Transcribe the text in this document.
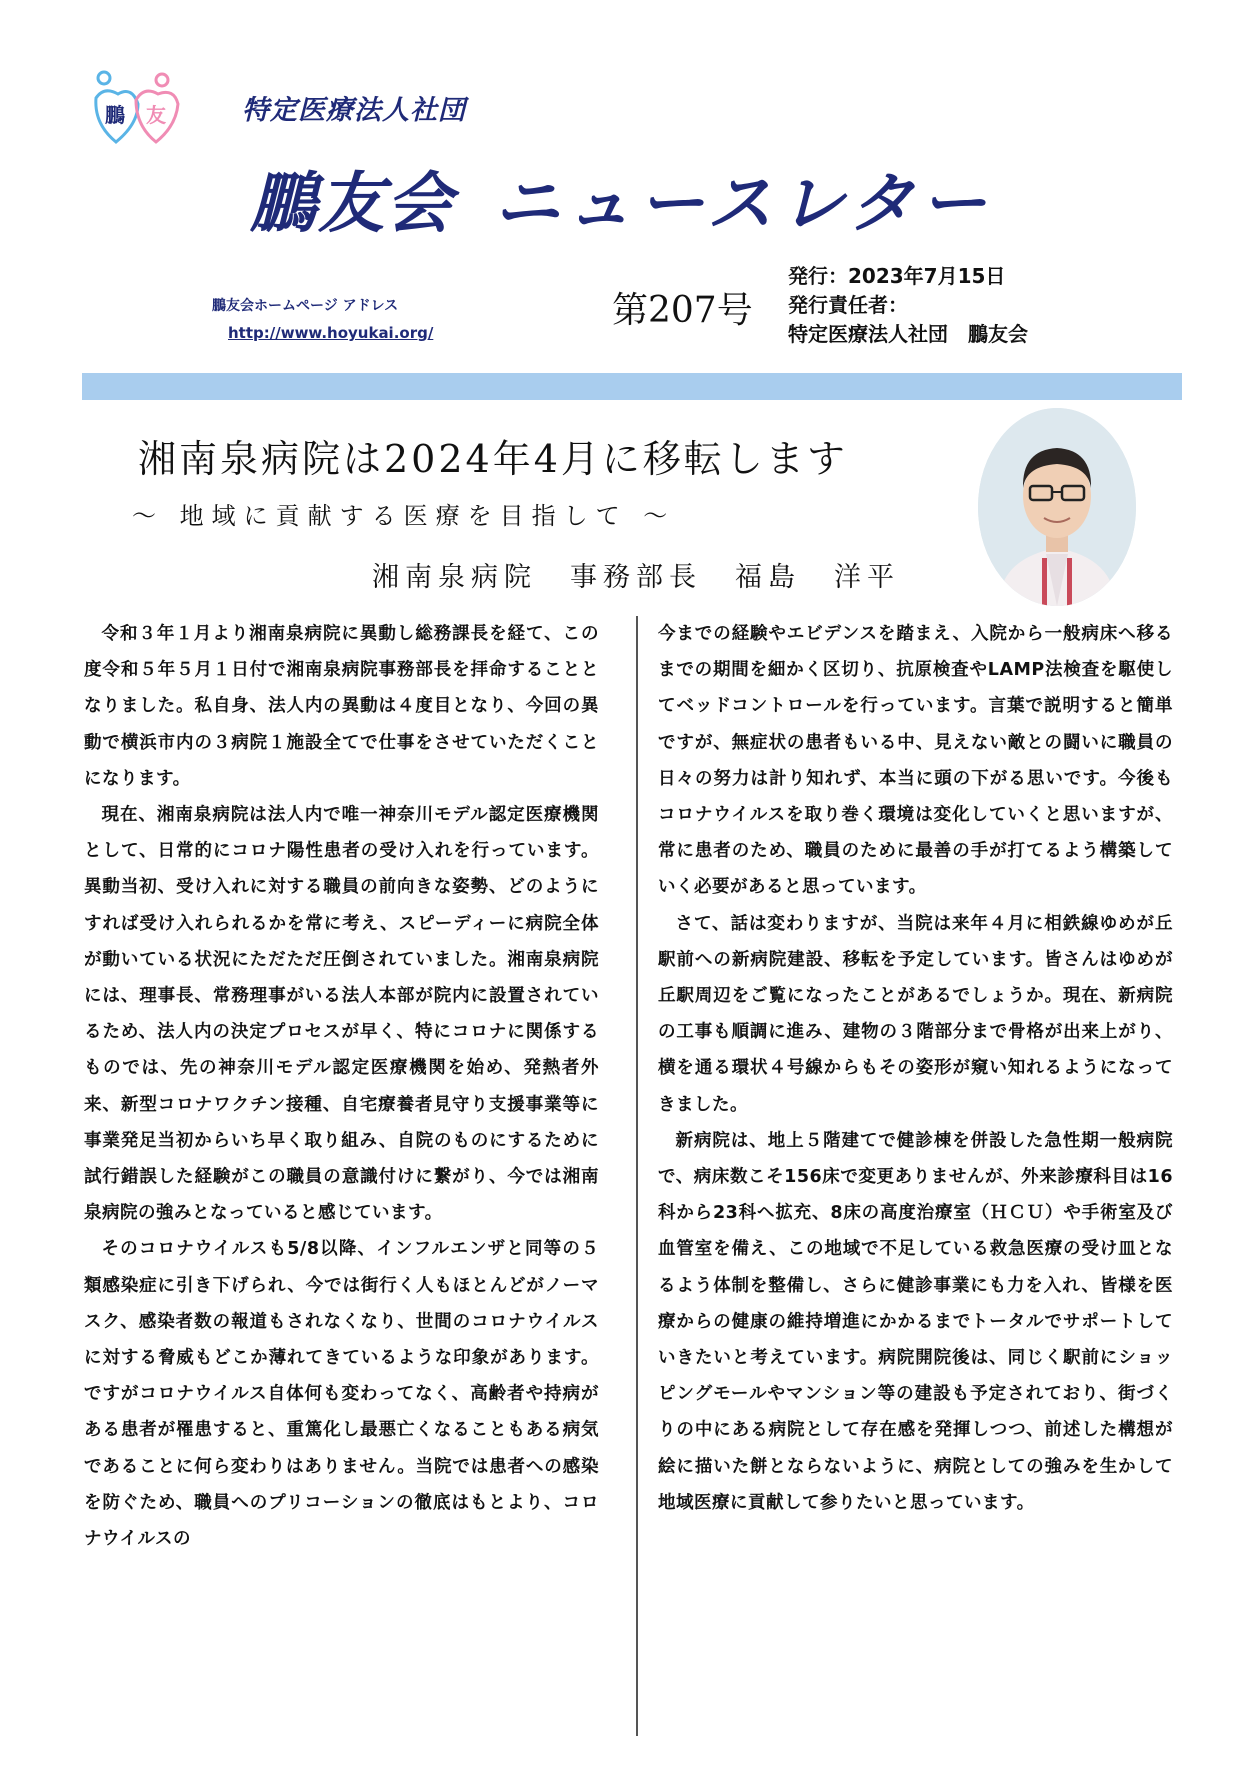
鵬 友	特定医療法人社団
鵬友会 ニュースレター
鵬友会ホームページ アドレス
http://www.hoyukai.org/
第207号
発行：2023年7月15日
発行責任者：
特定医療法人社団　鵬友会
湘南泉病院は2024年4月に移転します
～ 地域に貢献する医療を目指して ～
湘南泉病院　事務部長　福島　洋平

令和３年１月より湘南泉病院に異動し総務課長を経て、この度令和５年５月１日付で湘南泉病院事務部長を拝命することとなりました。私自身、法人内の異動は４度目となり、今回の異動で横浜市内の３病院１施設全てで仕事をさせていただくことになります。

現在、湘南泉病院は法人内で唯一神奈川モデル認定医療機関として、日常的にコロナ陽性患者の受け入れを行っています。異動当初、受け入れに対する職員の前向きな姿勢、どのようにすれば受け入れられるかを常に考え、スピーディーに病院全体が動いている状況にただただ圧倒されていました。湘南泉病院には、理事長、常務理事がいる法人本部が院内に設置されているため、法人内の決定プロセスが早く、特にコロナに関係するものでは、先の神奈川モデル認定医療機関を始め、発熱者外来、新型コロナワクチン接種、自宅療養者見守り支援事業等に事業発足当初からいち早く取り組み、自院のものにするために試行錯誤した経験がこの職員の意識付けに繋がり、今では湘南泉病院の強みとなっていると感じています。

そのコロナウイルスも5/8以降、インフルエンザと同等の５類感染症に引き下げられ、今では街行く人もほとんどがノーマスク、感染者数の報道もされなくなり、世間のコロナウイルスに対する脅威もどこか薄れてきているような印象があります。ですがコロナウイルス自体何も変わってなく、高齢者や持病がある患者が罹患すると、重篤化し最悪亡くなることもある病気であることに何ら変わりはありません。当院では患者への感染を防ぐため、職員へのプリコーションの徹底はもとより、コロナウイルスの

今までの経験やエビデンスを踏まえ、入院から一般病床へ移るまでの期間を細かく区切り、抗原検査やLAMP法検査を駆使してベッドコントロールを行っています。言葉で説明すると簡単ですが、無症状の患者もいる中、見えない敵との闘いに職員の日々の努力は計り知れず、本当に頭の下がる思いです。今後もコロナウイルスを取り巻く環境は変化していくと思いますが、常に患者のため、職員のために最善の手が打てるよう構築していく必要があると思っています。

さて、話は変わりますが、当院は来年４月に相鉄線ゆめが丘駅前への新病院建設、移転を予定しています。皆さんはゆめが丘駅周辺をご覧になったことがあるでしょうか。現在、新病院の工事も順調に進み、建物の３階部分まで骨格が出来上がり、横を通る環状４号線からもその姿形が窺い知れるようになってきました。

新病院は、地上５階建てで健診棟を併設した急性期一般病院で、病床数こそ156床で変更ありませんが、外来診療科目は16科から23科へ拡充、8床の高度治療室（ＨＣＵ）や手術室及び血管室を備え、この地域で不足している救急医療の受け皿となるよう体制を整備し、さらに健診事業にも力を入れ、皆様を医療からの健康の維持増進にかかるまでトータルでサポートしていきたいと考えています。病院開院後は、同じく駅前にショッピングモールやマンション等の建設も予定されており、街づくりの中にある病院として存在感を発揮しつつ、前述した構想が絵に描いた餅とならないように、病院としての強みを生かして地域医療に貢献して参りたいと思っています。
